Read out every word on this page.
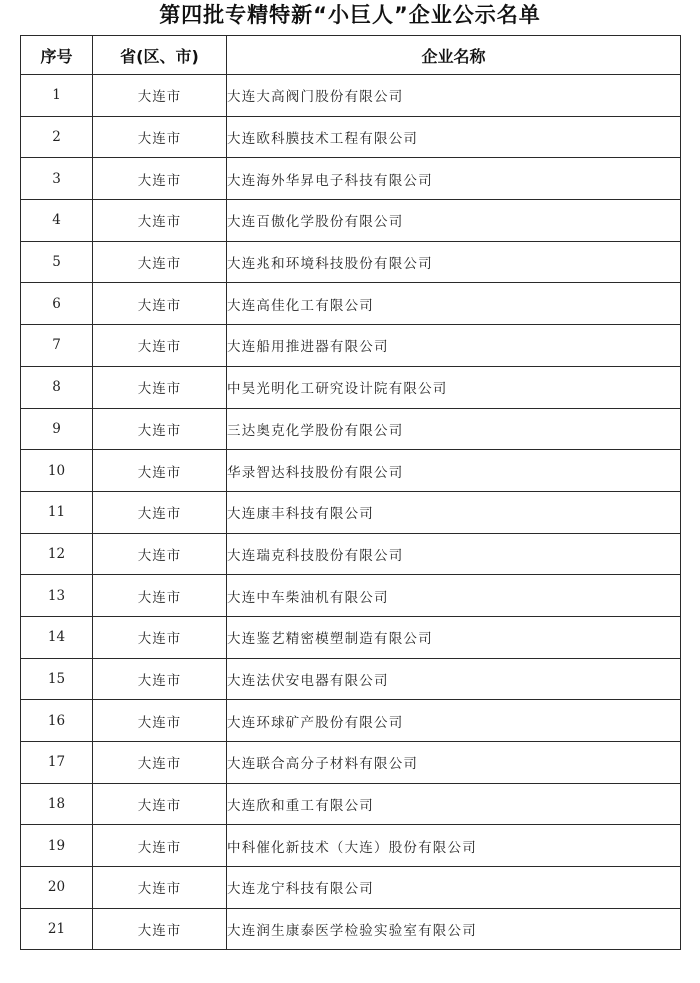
第四批专精特新“小巨人”企业公示名单
序号	省(区、市)	企业名称
1	大连市	大连大高阀门股份有限公司
2	大连市	大连欧科膜技术工程有限公司
3	大连市	大连海外华昇电子科技有限公司
4	大连市	大连百傲化学股份有限公司
5	大连市	大连兆和环境科技股份有限公司
6	大连市	大连高佳化工有限公司
7	大连市	大连船用推进器有限公司
8	大连市	中昊光明化工研究设计院有限公司
9	大连市	三达奥克化学股份有限公司
10	大连市	华录智达科技股份有限公司
11	大连市	大连康丰科技有限公司
12	大连市	大连瑞克科技股份有限公司
13	大连市	大连中车柴油机有限公司
14	大连市	大连鉴艺精密模塑制造有限公司
15	大连市	大连法伏安电器有限公司
16	大连市	大连环球矿产股份有限公司
17	大连市	大连联合高分子材料有限公司
18	大连市	大连欣和重工有限公司
19	大连市	中科催化新技术（大连）股份有限公司
20	大连市	大连龙宁科技有限公司
21	大连市	大连润生康泰医学检验实验室有限公司
